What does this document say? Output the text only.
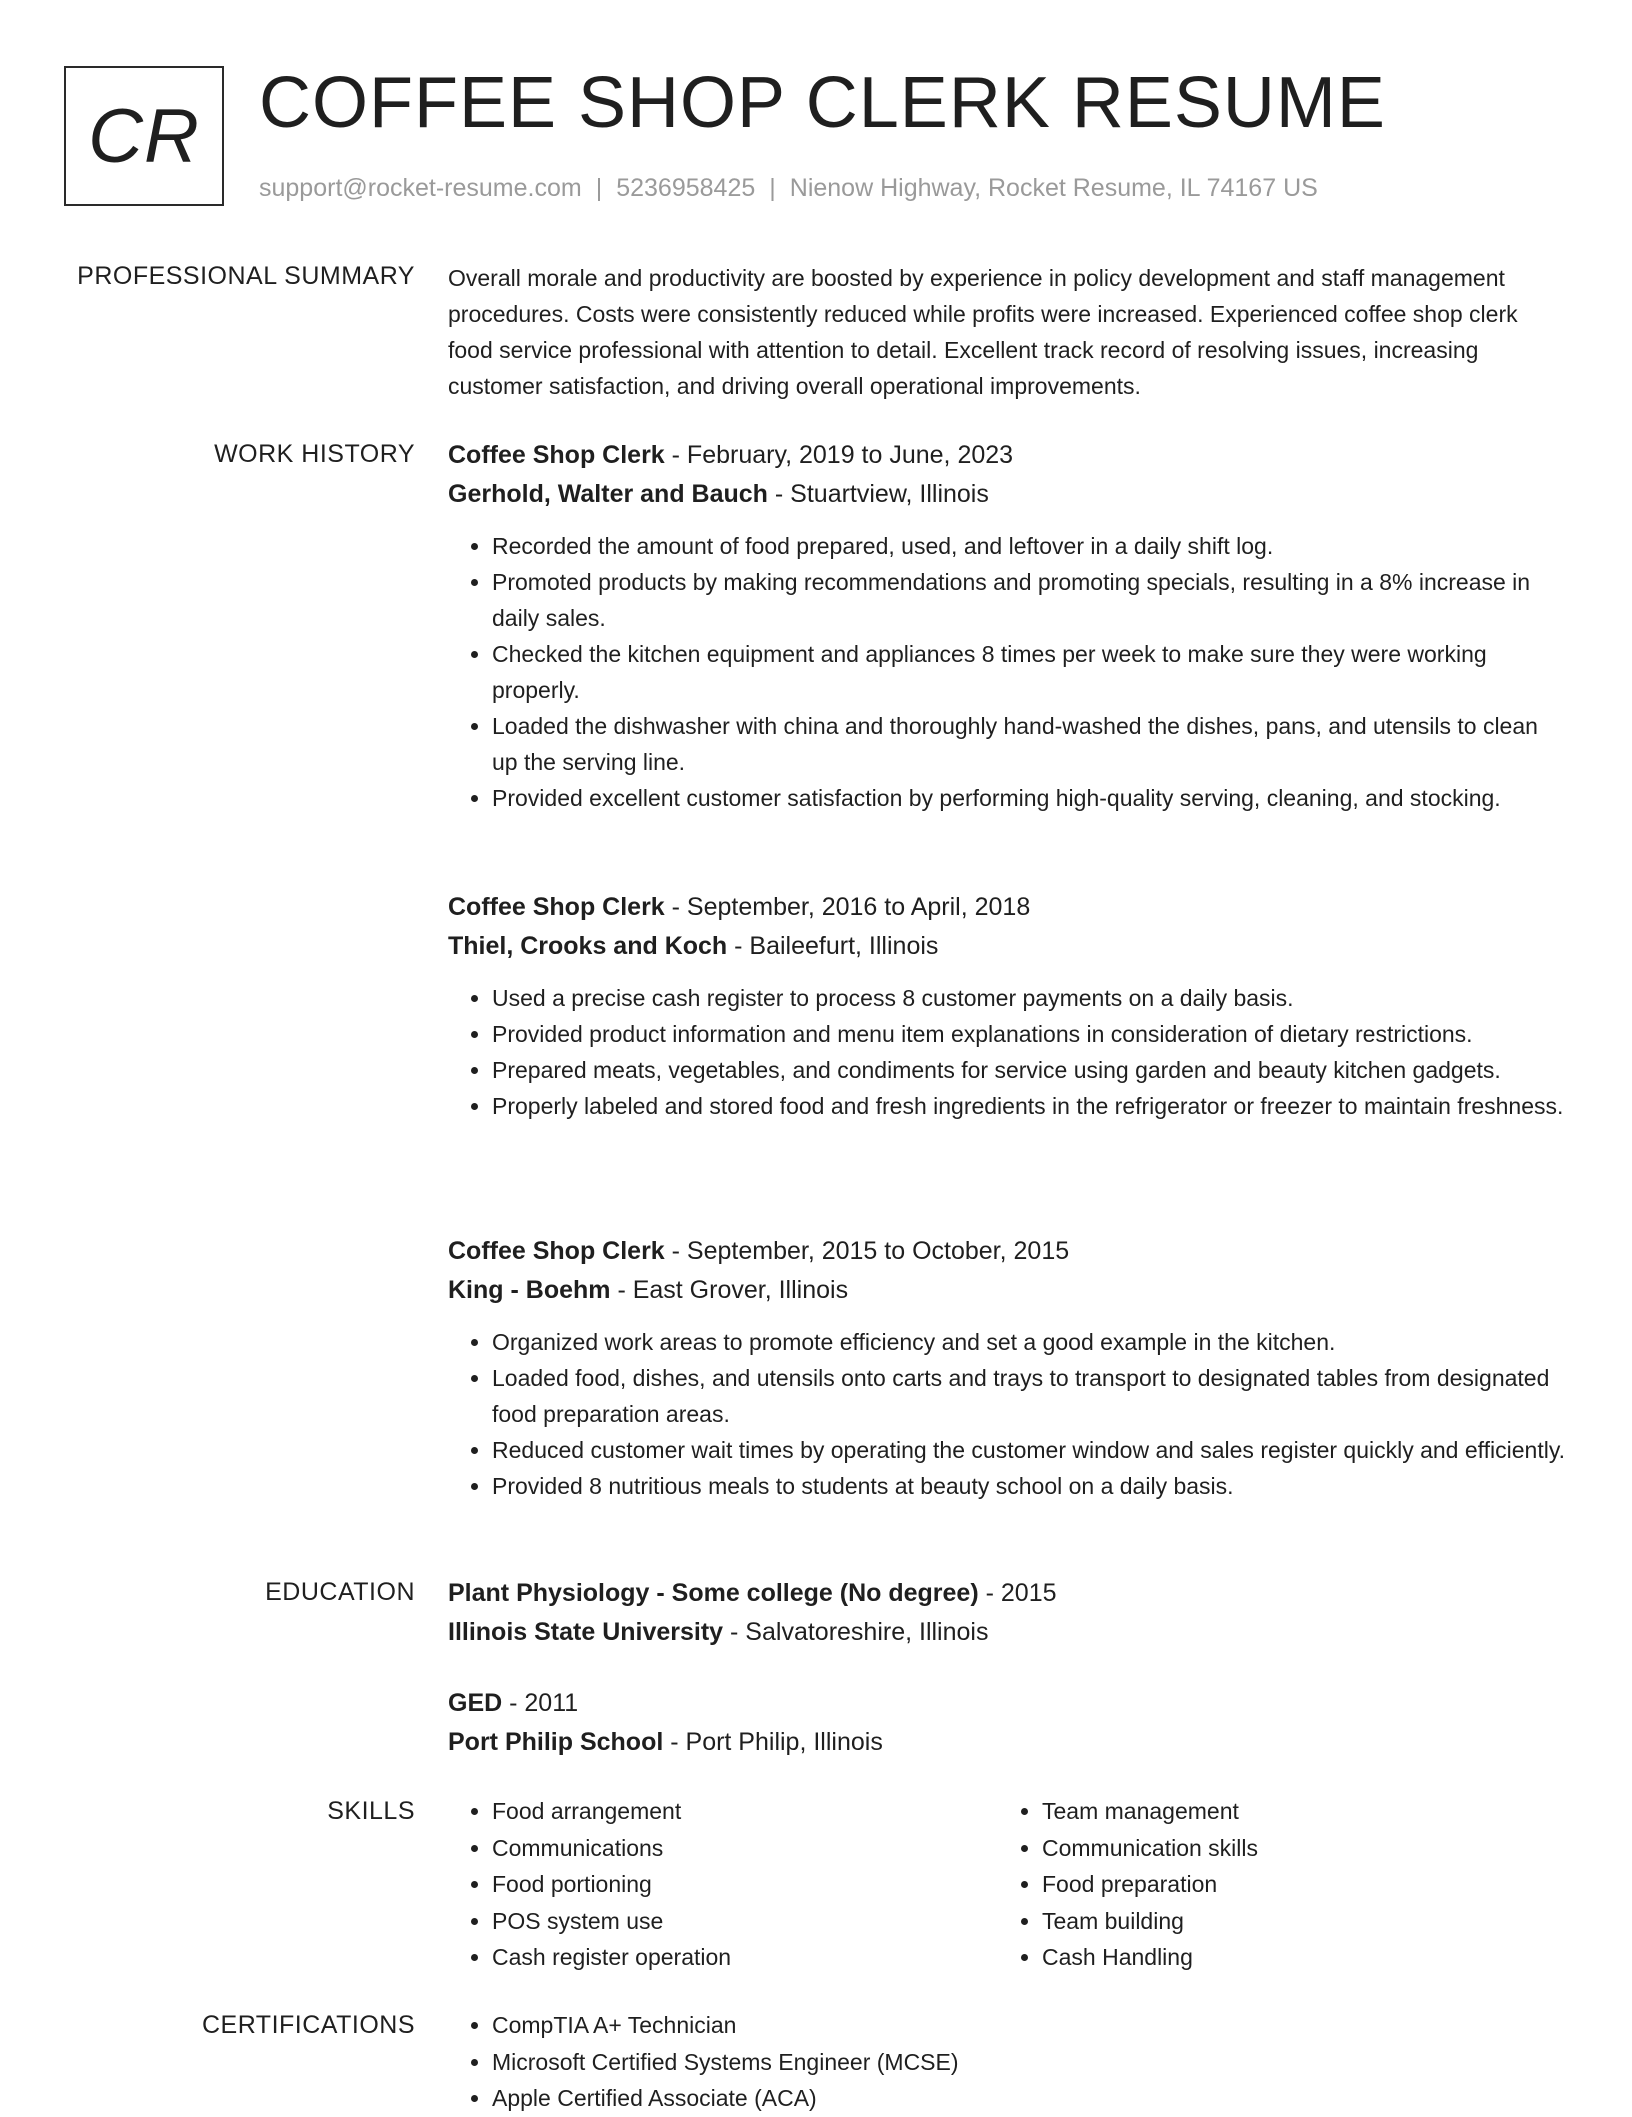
CR COFFEE SHOP CLERK RESUME
support@rocket-resume.com | 5236958425 | Nienow Highway, Rocket Resume, IL 74167 US
PROFESSIONAL SUMMARY Overall morale and productivity are boosted by experience in policy development and staff management procedures. Costs were consistently reduced while profits were increased. Experienced coffee shop clerk food service professional with attention to detail. Excellent track record of resolving issues, increasing customer satisfaction, and driving overall operational improvements.

WORK HISTORY Coffee Shop Clerk - February, 2019 to June, 2023
Gerhold, Walter and Bauch - Stuartview, Illinois
• Recorded the amount of food prepared, used, and leftover in a daily shift log.
• Promoted products by making recommendations and promoting specials, resulting in a 8% increase in daily sales.
• Checked the kitchen equipment and appliances 8 times per week to make sure they were working properly.
• Loaded the dishwasher with china and thoroughly hand-washed the dishes, pans, and utensils to clean up the serving line.
• Provided excellent customer satisfaction by performing high-quality serving, cleaning, and stocking.
Coffee Shop Clerk - September, 2016 to April, 2018
Thiel, Crooks and Koch - Baileefurt, Illinois
• Used a precise cash register to process 8 customer payments on a daily basis.
• Provided product information and menu item explanations in consideration of dietary restrictions.
• Prepared meats, vegetables, and condiments for service using garden and beauty kitchen gadgets.
• Properly labeled and stored food and fresh ingredients in the refrigerator or freezer to maintain freshness.
Coffee Shop Clerk - September, 2015 to October, 2015
King - Boehm - East Grover, Illinois
• Organized work areas to promote efficiency and set a good example in the kitchen.
• Loaded food, dishes, and utensils onto carts and trays to transport to designated tables from designated food preparation areas.
• Reduced customer wait times by operating the customer window and sales register quickly and efficiently.
• Provided 8 nutritious meals to students at beauty school on a daily basis.
EDUCATION Plant Physiology - Some college (No degree) - 2015
Illinois State University - Salvatoreshire, Illinois
GED - 2011
Port Philip School - Port Philip, Illinois
SKILLS	• Food arrangement
• Communications
• Food portioning
• POS system use
• Cash register operation
• Team management
• Communication skills
• Food preparation
• Team building
• Cash Handling
CERTIFICATIONS	• CompTIA A+ Technician
• Microsoft Certified Systems Engineer (MCSE)
• Apple Certified Associate (ACA)
